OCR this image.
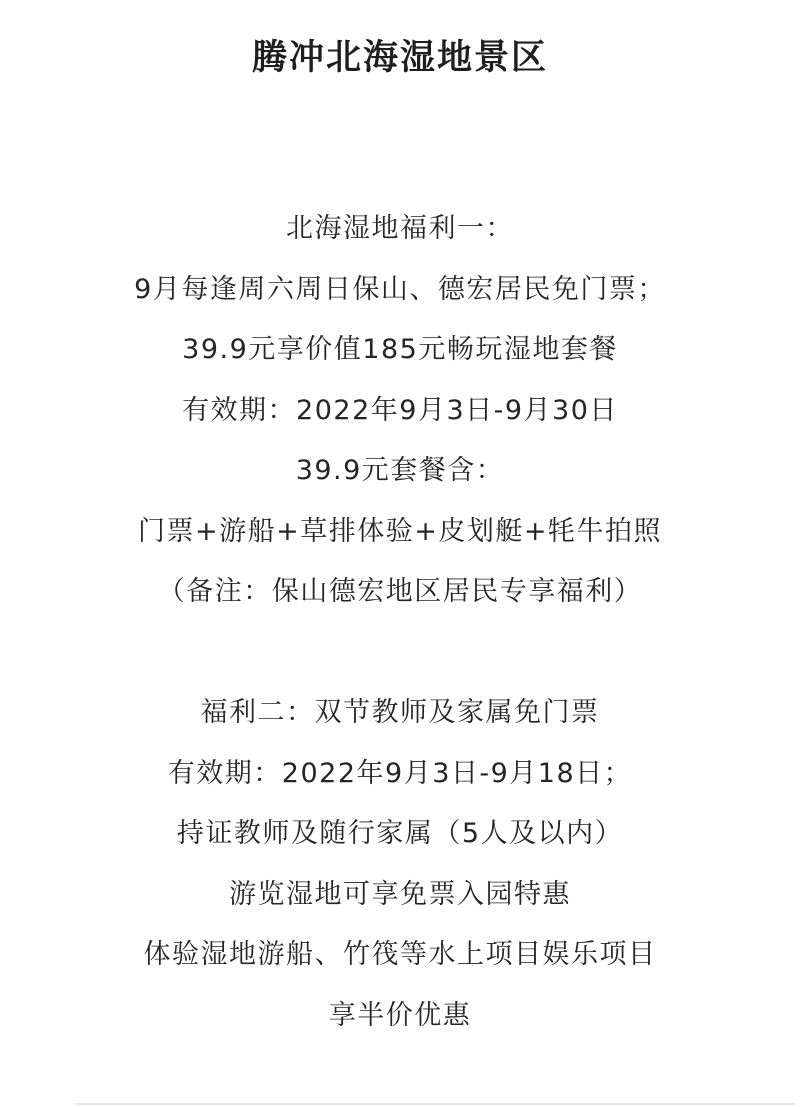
腾冲北海湿地景区
北海湿地福利一：
9月每逢周六周日保山、德宏居民免门票；
39.9元享价值185元畅玩湿地套餐
有效期：2022年9月3日-9月30日
39.9元套餐含：
门票+游船+草排体验+皮划艇+牦牛拍照
（备注：保山德宏地区居民专享福利）
福利二：双节教师及家属免门票
有效期：2022年9月3日-9月18日；
持证教师及随行家属（5人及以内）
游览湿地可享免票入园特惠
体验湿地游船、竹筏等水上项目娱乐项目
享半价优惠
